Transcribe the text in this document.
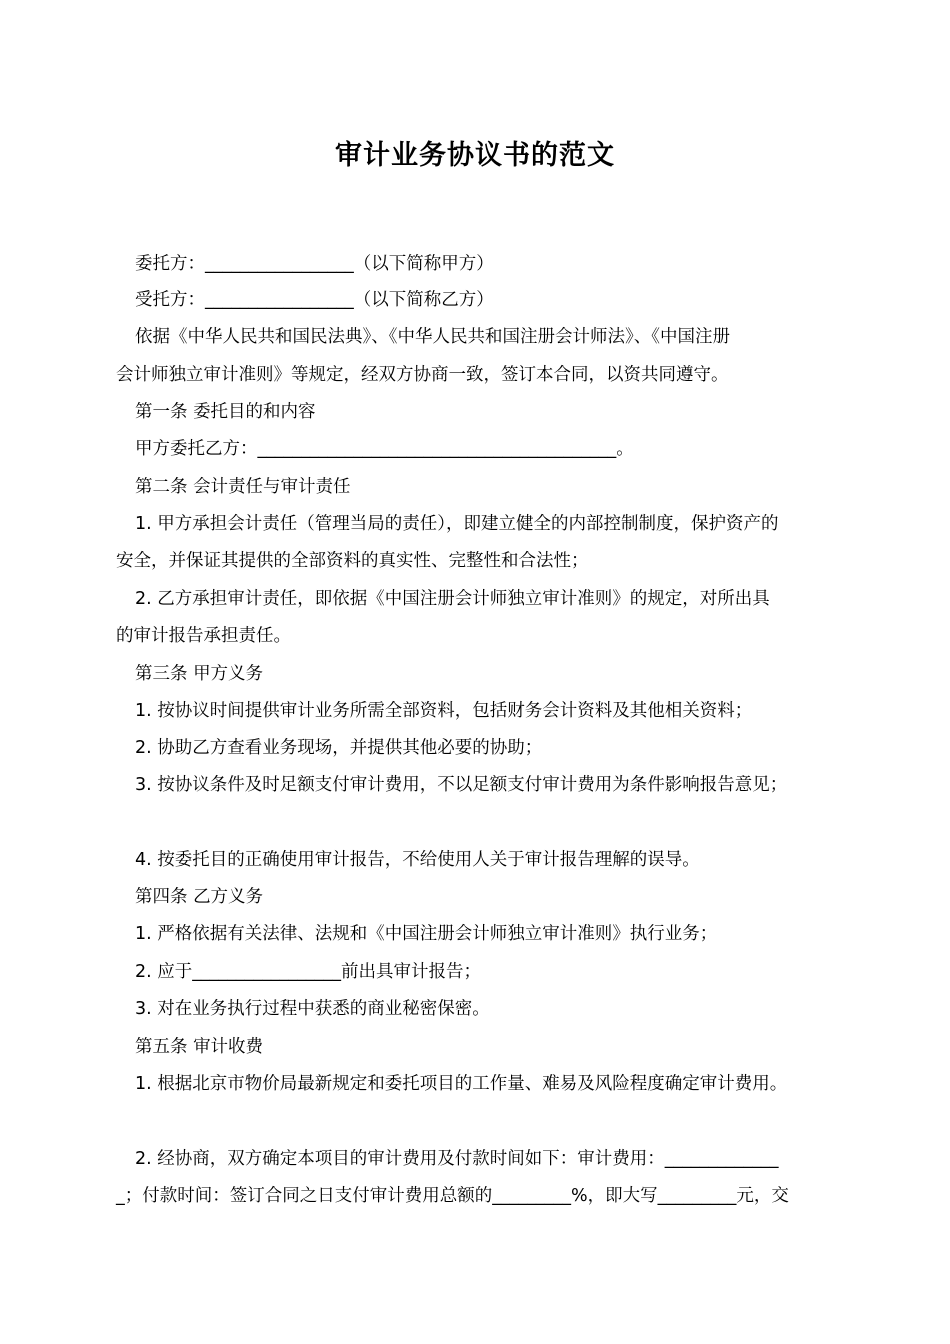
审计业务协议书的范文
委托方：_________________（以下简称甲方）
受托方：_________________（以下简称乙方）
依据《中华人民共和国民法典》、《中华人民共和国注册会计师法》、《中国注册
会计师独立审计准则》等规定，经双方协商一致，签订本合同，以资共同遵守。
第一条 委托目的和内容
甲方委托乙方：_________________________________________。
第二条 会计责任与审计责任
1. 甲方承担会计责任（管理当局的责任），即建立健全的内部控制制度，保护资产的
安全，并保证其提供的全部资料的真实性、完整性和合法性；
2. 乙方承担审计责任，即依据《中国注册会计师独立审计准则》的规定，对所出具
的审计报告承担责任。
第三条 甲方义务
1. 按协议时间提供审计业务所需全部资料，包括财务会计资料及其他相关资料；
2. 协助乙方查看业务现场，并提供其他必要的协助；
3. 按协议条件及时足额支付审计费用，不以足额支付审计费用为条件影响报告意见；
4. 按委托目的正确使用审计报告，不给使用人关于审计报告理解的误导。
第四条 乙方义务
1. 严格依据有关法律、法规和《中国注册会计师独立审计准则》执行业务；
2. 应于_________________前出具审计报告；
3. 对在业务执行过程中获悉的商业秘密保密。
第五条 审计收费
1. 根据北京市物价局最新规定和委托项目的工作量、难易及风险程度确定审计费用。
2. 经协商，双方确定本项目的审计费用及付款时间如下：审计费用：_____________
_；付款时间：签订合同之日支付审计费用总额的_________%，即大写_________元，交
